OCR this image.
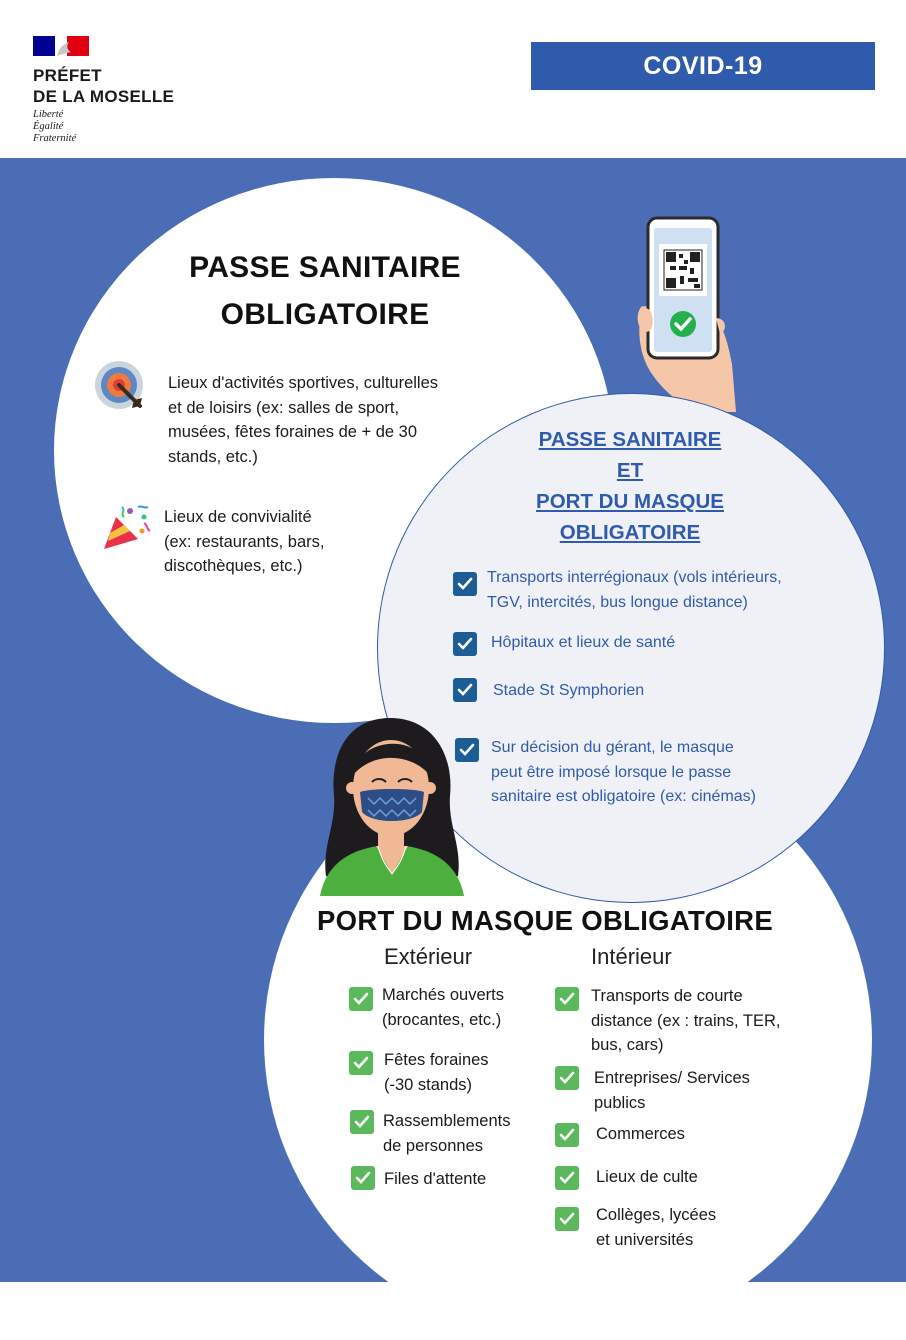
PRÉFET
DE LA MOSELLE
Liberté
Égalité
Fraternité
COVID-19
PASSE SANITAIRE
OBLIGATOIRE
Lieux d'activités sportives, culturelles
et de loisirs (ex: salles de sport,
musées, fêtes foraines de + de 30
stands, etc.)
Lieux de convivialité
(ex: restaurants, bars,
discothèques, etc.)
PASSE SANITAIRE
ET
PORT DU MASQUE
OBLIGATOIRE
Transports interrégionaux (vols intérieurs,
TGV, intercités, bus longue distance)
Hôpitaux et lieux de santé
Stade St Symphorien
Sur décision du gérant, le masque
peut être imposé lorsque le passe
sanitaire est obligatoire (ex: cinémas)
PORT DU MASQUE OBLIGATOIRE
Extérieur	Intérieur
Marchés ouverts
(brocantes, etc.)
Fêtes foraines
(-30 stands)
Rassemblements
de personnes
Files d'attente
Transports de courte
distance (ex : trains, TER,
bus, cars)
Entreprises/ Services
publics
Commerces
Lieux de culte
Collèges, lycées
et universités
